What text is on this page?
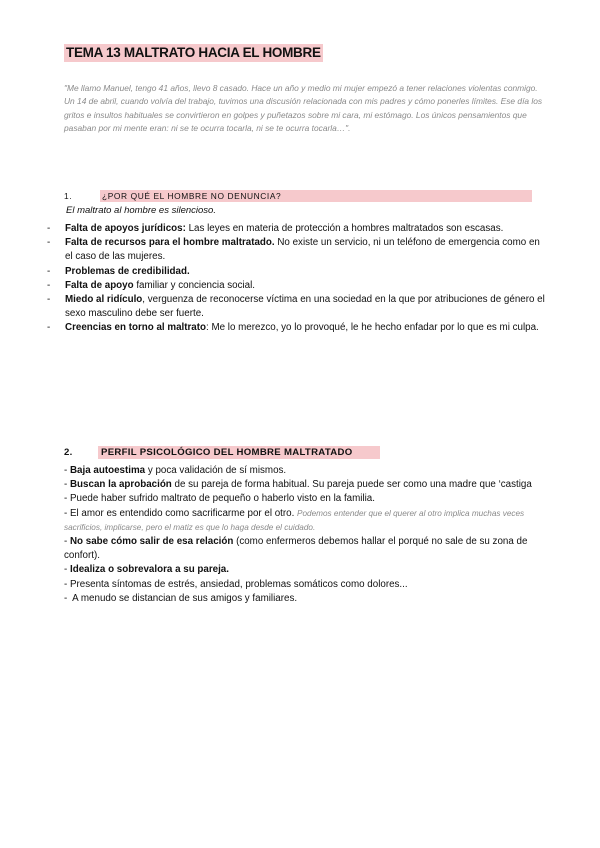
TEMA 13 MALTRATO HACIA EL HOMBRE

"Me llamo Manuel, tengo 41 años, llevo 8 casado. Hace un año y medio mi mujer empezó a tener relaciones violentas conmigo. Un 14 de abril, cuando volvía del trabajo, tuvimos una discusión relacionada con mis padres y cómo ponerles límites. Ese día los gritos e insultos habituales se convirtieron en golpes y puñetazos sobre mi cara, mi estómago. Los únicos pensamientos que pasaban por mi mente eran: ni se te ocurra tocarla, ni se te ocurra tocarla…".

1.	¿POR QUÉ EL HOMBRE NO DENUNCIA?
El maltrato al hombre es silencioso.

- Falta de apoyos jurídicos: Las leyes en materia de protección a hombres maltratados son escasas.

- Falta de recursos para el hombre maltratado. No existe un servicio, ni un teléfono de emergencia como en el caso de las mujeres.

- Problemas de credibilidad.

- Falta de apoyo familiar y conciencia social.

- Miedo al ridículo, verguenza de reconocerse víctima en una sociedad en la que por atribuciones de género el sexo masculino debe ser fuerte.

- Creencias en torno al maltrato: Me lo merezco, yo lo provoqué, le he hecho enfadar por lo que es mi culpa.

2.	PERFIL PSICOLÓGICO DEL HOMBRE MALTRATADO

- Baja autoestima y poca validación de sí mismos.

- Buscan la aprobación de su pareja de forma habitual. Su pareja puede ser como una madre que ‘castiga

- Puede haber sufrido maltrato de pequeño o haberlo visto en la familia.

- El amor es entendido como sacrificarme por el otro. Podemos entender que el querer al otro implica muchas veces sacrificios, implicarse, pero el matiz es que lo haga desde el cuidado.

- No sabe cómo salir de esa relación (como enfermeros debemos hallar el porqué no sale de su zona de confort).

- Idealiza o sobrevalora a su pareja.

- Presenta síntomas de estrés, ansiedad, problemas somáticos como dolores...

-  A menudo se distancian de sus amigos y familiares.
